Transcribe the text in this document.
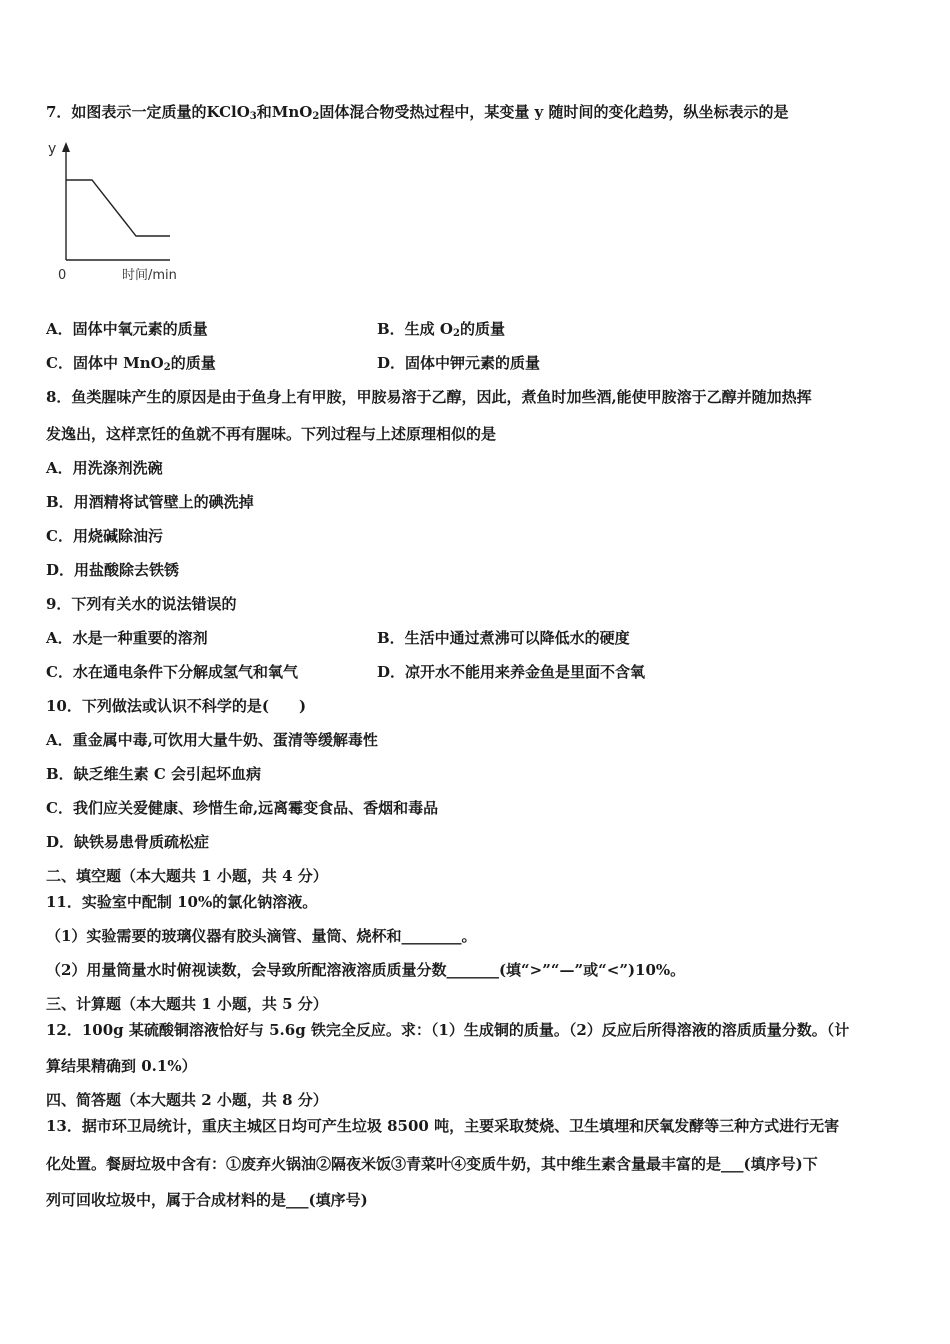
7．如图表示一定质量的KClO$_3$和MnO$_2$固体混合物受热过程中，某变量 y 随时间的变化趋势，纵坐标表示的是
y
0	时间/min
A．固体中氧元素的质量	B．生成 $O_2$的质量
C．固体中 MnO$_2$的质量	D．固体中钾元素的质量
8．鱼类腥味产生的原因是由于鱼身上有甲胺，甲胺易溶于乙醇，因此，煮鱼时加些酒,能使甲胺溶于乙醇并随加热挥
发逸出，这样烹饪的鱼就不再有腥味。下列过程与上述原理相似的是
A．用洗涤剂洗碗
B．用酒精将试管壁上的碘洗掉
C．用烧碱除油污
D．用盐酸除去铁锈
9．下列有关水的说法错误的
A．水是一种重要的溶剂	B．生活中通过煮沸可以降低水的硬度
C．水在通电条件下分解成氢气和氧气	D．凉开水不能用来养金鱼是里面不含氧
10．下列做法或认识不科学的是(　　)
A．重金属中毒,可饮用大量牛奶、蛋清等缓解毒性
B．缺乏维生素 C 会引起坏血病
C．我们应关爱健康、珍惜生命,远离霉变食品、香烟和毒品
D．缺铁易患骨质疏松症
二、填空题（本大题共 1 小题，共 4 分）
11．实验室中配制 10%的氯化钠溶液。
（1）实验需要的玻璃仪器有胶头滴管、量筒、烧杯和________。
（2）用量筒量水时俯视读数，会导致所配溶液溶质质量分数_______(填“>”“—”或“<”)10%。
三、计算题（本大题共 1 小题，共 5 分）
12．100g 某硫酸铜溶液恰好与 5.6g 铁完全反应。求：（1）生成铜的质量。（2）反应后所得溶液的溶质质量分数。（计
算结果精确到 0.1%）
四、简答题（本大题共 2 小题，共 8 分）
13．据市环卫局统计，重庆主城区日均可产生垃圾 8500 吨，主要采取焚烧、卫生填埋和厌氧发酵等三种方式进行无害
化处置。餐厨垃圾中含有：①废弃火锅油②隔夜米饭③青菜叶④变质牛奶，其中维生素含量最丰富的是___(填序号)下
列可回收垃圾中，属于合成材料的是___(填序号)
